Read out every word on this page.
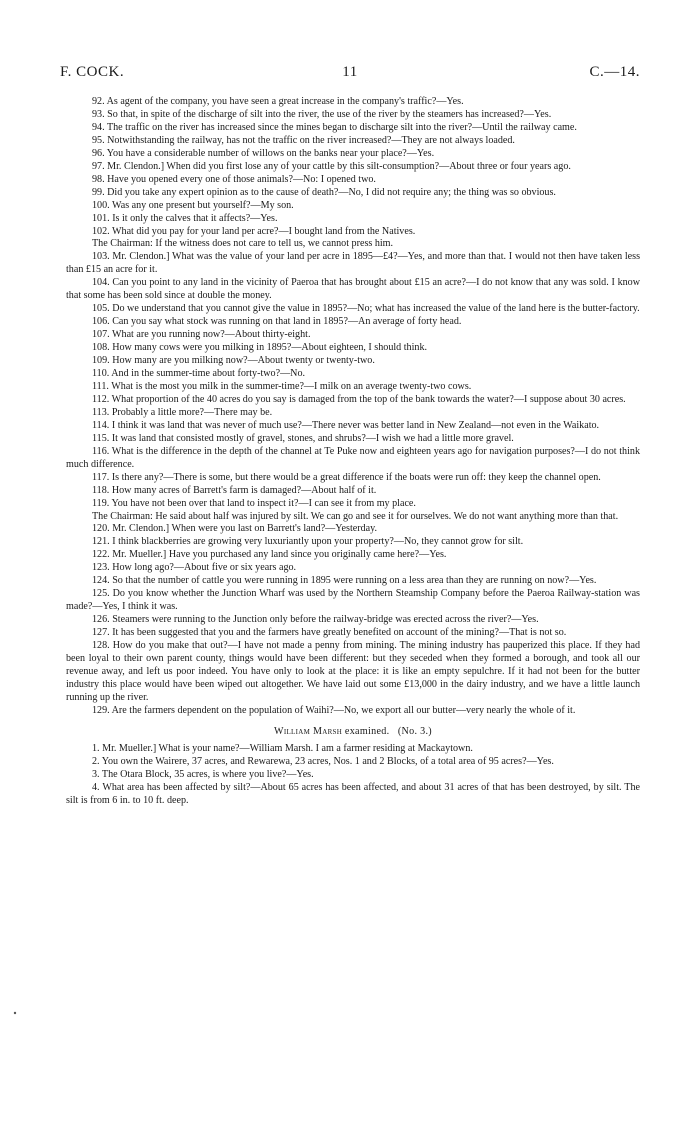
F. COCK.	11	C.—14.

92. As agent of the company, you have seen a great increase in the company's traffic?—Yes.

93. So that, in spite of the discharge of silt into the river, the use of the river by the steamers has increased?—Yes.

94. The traffic on the river has increased since the mines began to discharge silt into the river?—Until the railway came.

95. Notwithstanding the railway, has not the traffic on the river increased?—They are not always loaded.

96. You have a considerable number of willows on the banks near your place?—Yes.

97. Mr. Clendon.] When did you first lose any of your cattle by this silt-consumption?—About three or four years ago.

98. Have you opened every one of those animals?—No: I opened two.

99. Did you take any expert opinion as to the cause of death?—No, I did not require any; the thing was so obvious.

100. Was any one present but yourself?—My son.

101. Is it only the calves that it affects?—Yes.

102. What did you pay for your land per acre?—I bought land from the Natives.

The Chairman: If the witness does not care to tell us, we cannot press him.

103. Mr. Clendon.] What was the value of your land per acre in 1895—£4?—Yes, and more than that. I would not then have taken less than £15 an acre for it.

104. Can you point to any land in the vicinity of Paeroa that has brought about £15 an acre?—I do not know that any was sold. I know that some has been sold since at double the money.

105. Do we understand that you cannot give the value in 1895?—No; what has increased the value of the land here is the butter-factory.

106. Can you say what stock was running on that land in 1895?—An average of forty head.

107. What are you running now?—About thirty-eight.

108. How many cows were you milking in 1895?—About eighteen, I should think.

109. How many are you milking now?—About twenty or twenty-two.

110. And in the summer-time about forty-two?—No.

111. What is the most you milk in the summer-time?—I milk on an average twenty-two cows.

112. What proportion of the 40 acres do you say is damaged from the top of the bank towards the water?—I suppose about 30 acres.

113. Probably a little more?—There may be.

114. I think it was land that was never of much use?—There never was better land in New Zealand—not even in the Waikato.

115. It was land that consisted mostly of gravel, stones, and shrubs?—I wish we had a little more gravel.

116. What is the difference in the depth of the channel at Te Puke now and eighteen years ago for navigation purposes?—I do not think much difference.

117. Is there any?—There is some, but there would be a great difference if the boats were run off: they keep the channel open.

118. How many acres of Barrett's farm is damaged?—About half of it.

119. You have not been over that land to inspect it?—I can see it from my place.

The Chairman: He said about half was injured by silt. We can go and see it for ourselves. We do not want anything more than that.

120. Mr. Clendon.] When were you last on Barrett's land?—Yesterday.

121. I think blackberries are growing very luxuriantly upon your property?—No, they cannot grow for silt.

122. Mr. Mueller.] Have you purchased any land since you originally came here?—Yes.

123. How long ago?—About five or six years ago.

124. So that the number of cattle you were running in 1895 were running on a less area than they are running on now?—Yes.

125. Do you know whether the Junction Wharf was used by the Northern Steamship Company before the Paeroa Railway-station was made?—Yes, I think it was.

126. Steamers were running to the Junction only before the railway-bridge was erected across the river?—Yes.

127. It has been suggested that you and the farmers have greatly benefited on account of the mining?—That is not so.

128. How do you make that out?—I have not made a penny from mining. The mining industry has pauperized this place. If they had been loyal to their own parent county, things would have been different: but they seceded when they formed a borough, and took all our revenue away, and left us poor indeed. You have only to look at the place: it is like an empty sepulchre. If it had not been for the butter industry this place would have been wiped out altogether. We have laid out some £13,000 in the dairy industry, and we have a little launch running up the river.

129. Are the farmers dependent on the population of Waihi?—No, we export all our butter—very nearly the whole of it.

William Marsh examined. (No. 3.)

1. Mr. Mueller.] What is your name?—William Marsh. I am a farmer residing at Mackaytown.

2. You own the Wairere, 37 acres, and Rewarewa, 23 acres, Nos. 1 and 2 Blocks, of a total area of 95 acres?—Yes.

3. The Otara Block, 35 acres, is where you live?—Yes.

4. What area has been affected by silt?—About 65 acres has been affected, and about 31 acres of that has been destroyed, by silt. The silt is from 6 in. to 10 ft. deep.
